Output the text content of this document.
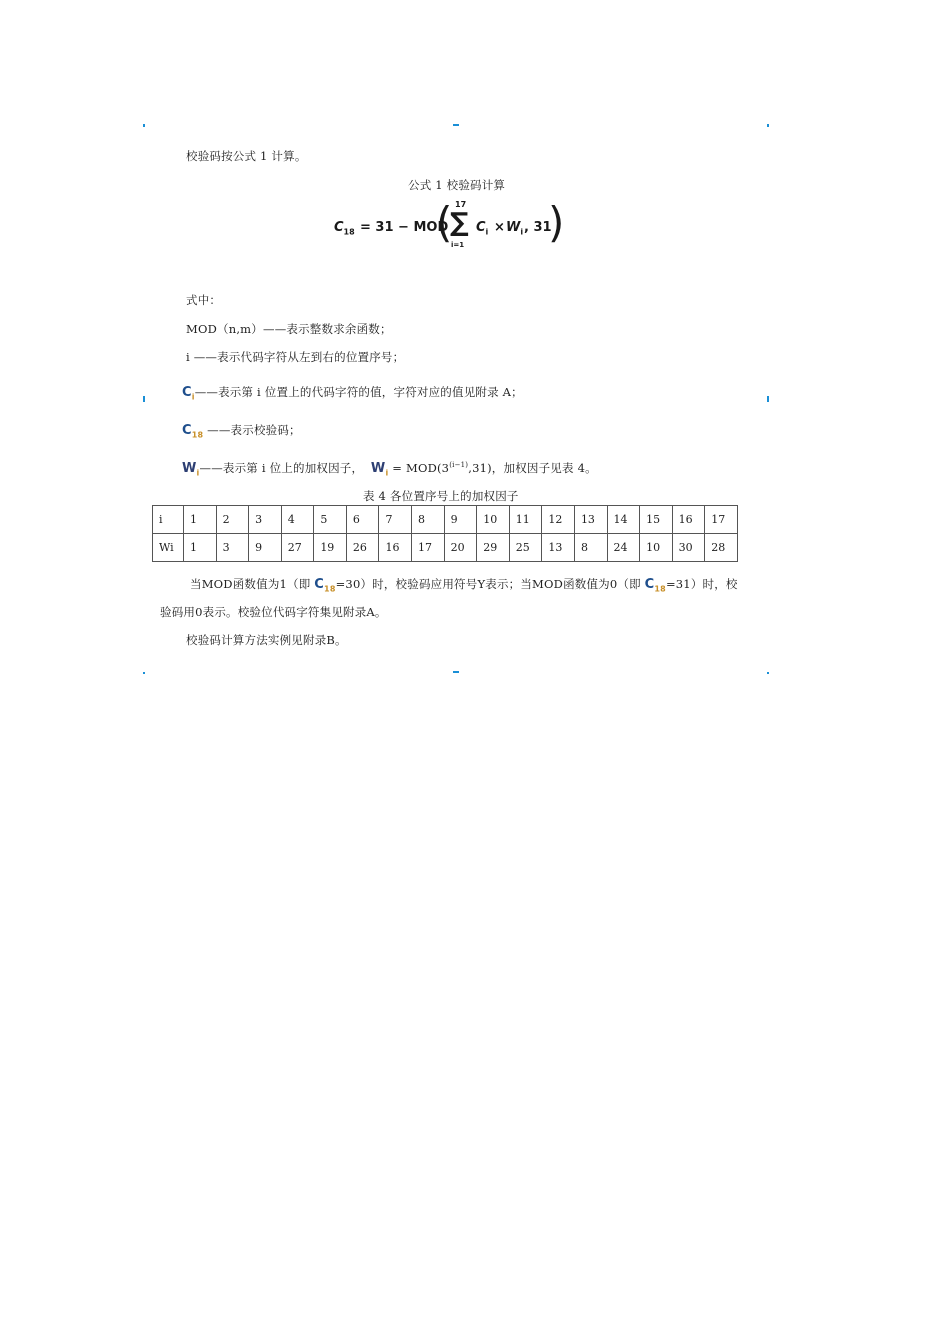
校验码按公式 1 计算。
公式 1 校验码计算
$C_{18} = 31$ − MOD
( 17
∑
i=1
$C_i \times W_i$ , 31
)
式中：
MOD（n,m）——表示整数求余函数；
i ——表示代码字符从左到右的位置序号；
$C_i——$表示第 i 位置上的代码字符的值，字符对应的值见附录 A；
$C_{18}$ ——表示校验码；
$W_i——$表示第 i 位上的加权因子， $W_i = MOD(3^{(i-1)},31)$，加权因子见表 4。
表 4 各位置序号上的加权因子
i	1	2	3	4	5	6	7	8	9	10	11	12	13	14	15	16	17
Wi	1	3	9	27	19	26	16	17	20	29	25	13	8	24	10	30	28
当MOD函数值为1（即 $C_{18}=30$）时，校验码应用符号Y表示；当MOD函数值为0（即 $C_{18}=31$）时，校
验码用0表示。校验位代码字符集见附录A。
校验码计算方法实例见附录B。
